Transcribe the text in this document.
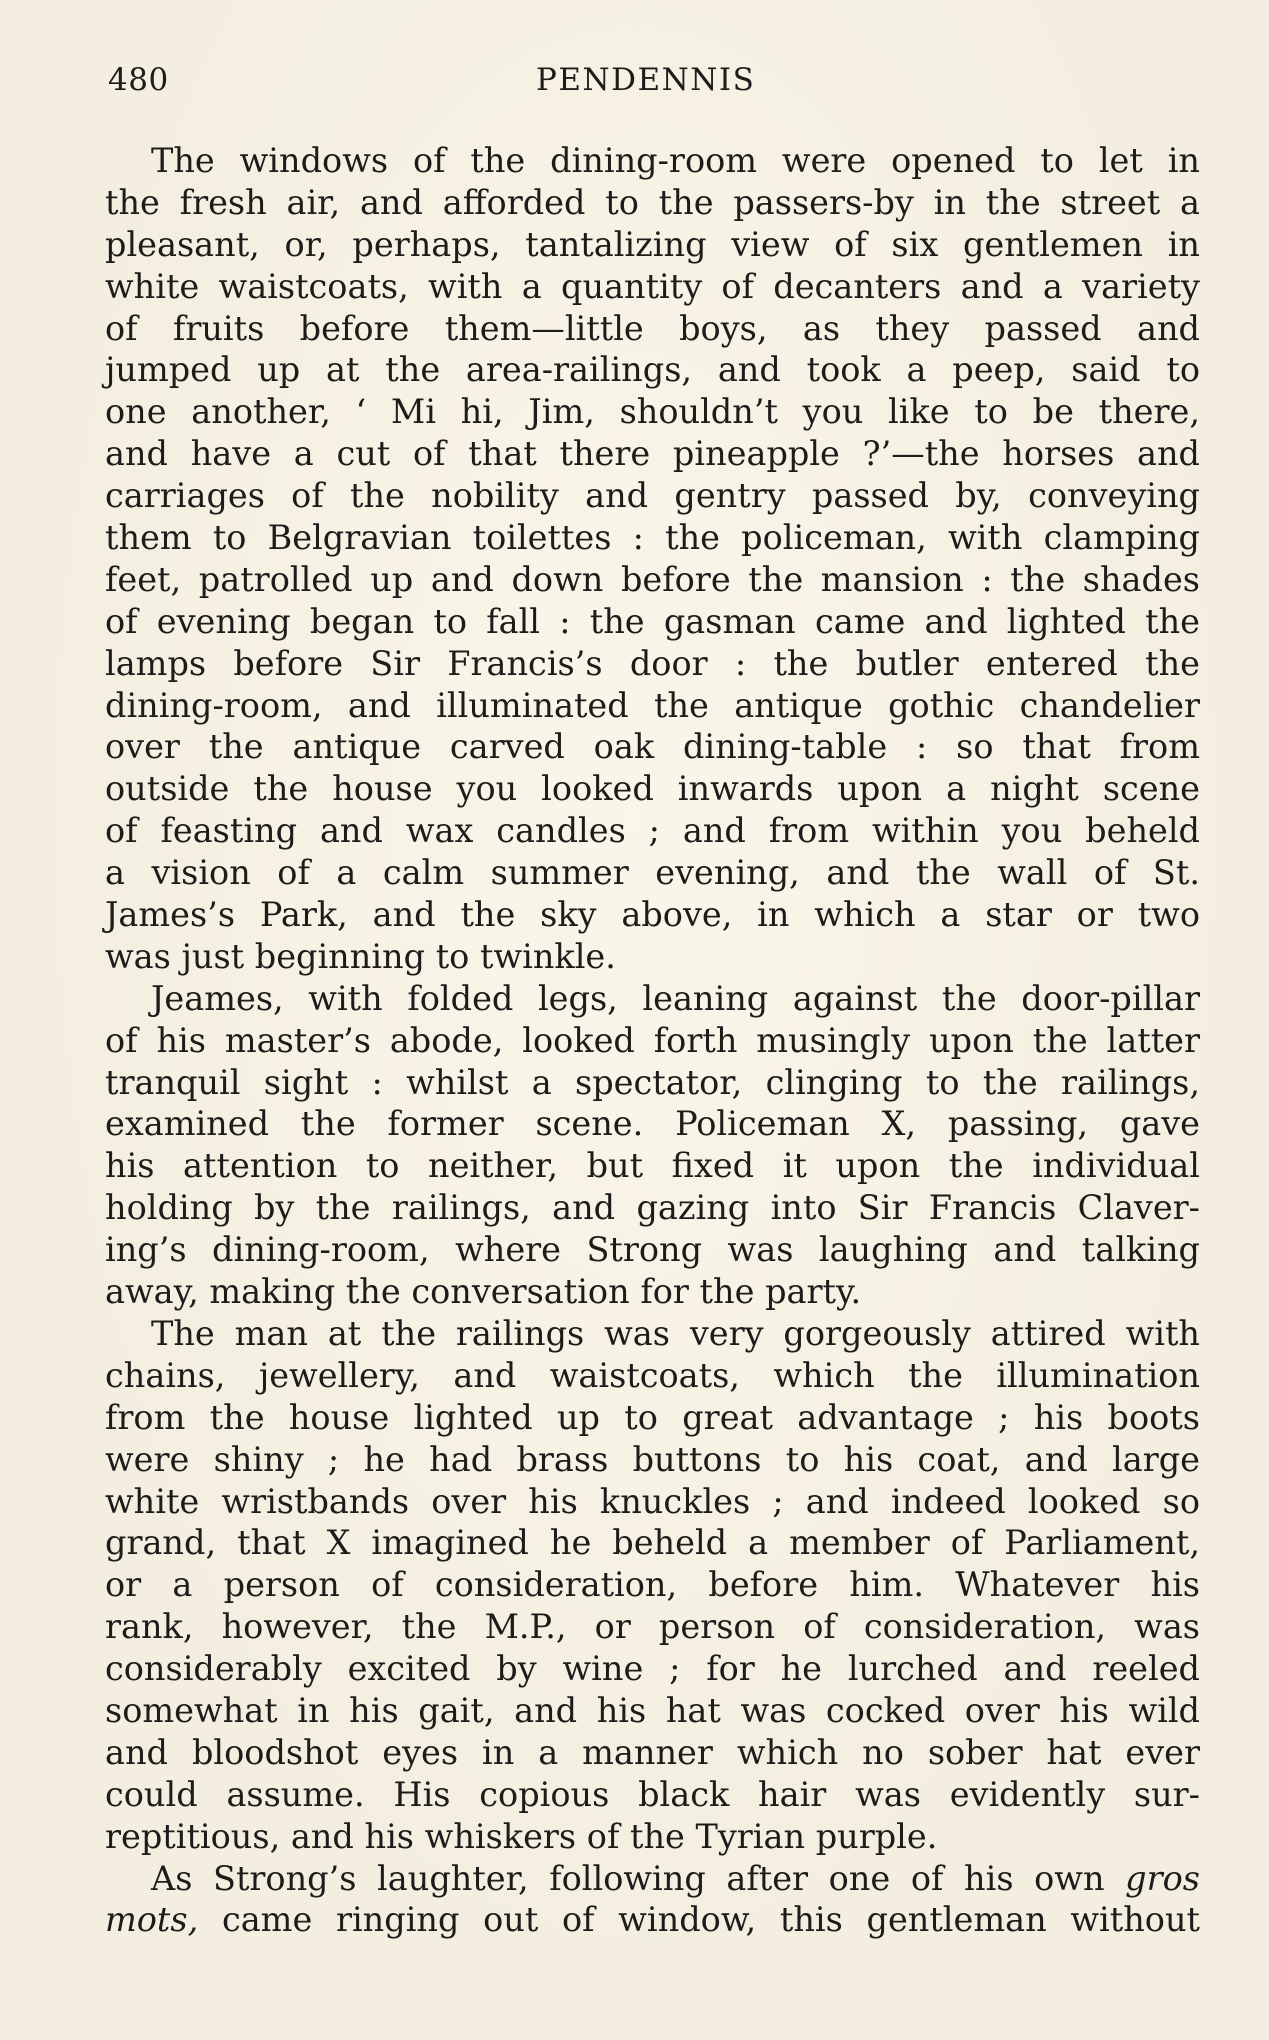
480	PENDENNIS
The windows of the dining-room were opened to let in
the fresh air, and afforded to the passers-by in the street a
pleasant, or, perhaps, tantalizing view of six gentlemen in
white waistcoats, with a quantity of decanters and a variety
of fruits before them—little boys, as they passed and
jumped up at the area-railings, and took a peep, said to
one another, ‘ Mi hi, Jim, shouldn’t you like to be there,
and have a cut of that there pineapple ?’—the horses and
carriages of the nobility and gentry passed by, conveying
them to Belgravian toilettes : the policeman, with clamping
feet, patrolled up and down before the mansion : the shades
of evening began to fall : the gasman came and lighted the
lamps before Sir Francis’s door : the butler entered the
dining-room, and illuminated the antique gothic chandelier
over the antique carved oak dining-table : so that from
outside the house you looked inwards upon a night scene
of feasting and wax candles ; and from within you beheld
a vision of a calm summer evening, and the wall of St.
James’s Park, and the sky above, in which a star or two
was just beginning to twinkle.
Jeames, with folded legs, leaning against the door-pillar
of his master’s abode, looked forth musingly upon the latter
tranquil sight : whilst a spectator, clinging to the railings,
examined the former scene. Policeman X, passing, gave
his attention to neither, but fixed it upon the individual
holding by the railings, and gazing into Sir Francis Claver-
ing’s dining-room, where Strong was laughing and talking
away, making the conversation for the party.
The man at the railings was very gorgeously attired with
chains, jewellery, and waistcoats, which the illumination
from the house lighted up to great advantage ; his boots
were shiny ; he had brass buttons to his coat, and large
white wristbands over his knuckles ; and indeed looked so
grand, that X imagined he beheld a member of Parliament,
or a person of consideration, before him. Whatever his
rank, however, the M.P., or person of consideration, was
considerably excited by wine ; for he lurched and reeled
somewhat in his gait, and his hat was cocked over his wild
and bloodshot eyes in a manner which no sober hat ever
could assume. His copious black hair was evidently sur-
reptitious, and his whiskers of the Tyrian purple.
As Strong’s laughter, following after one of his own gros
mots, came ringing out of window, this gentleman without
